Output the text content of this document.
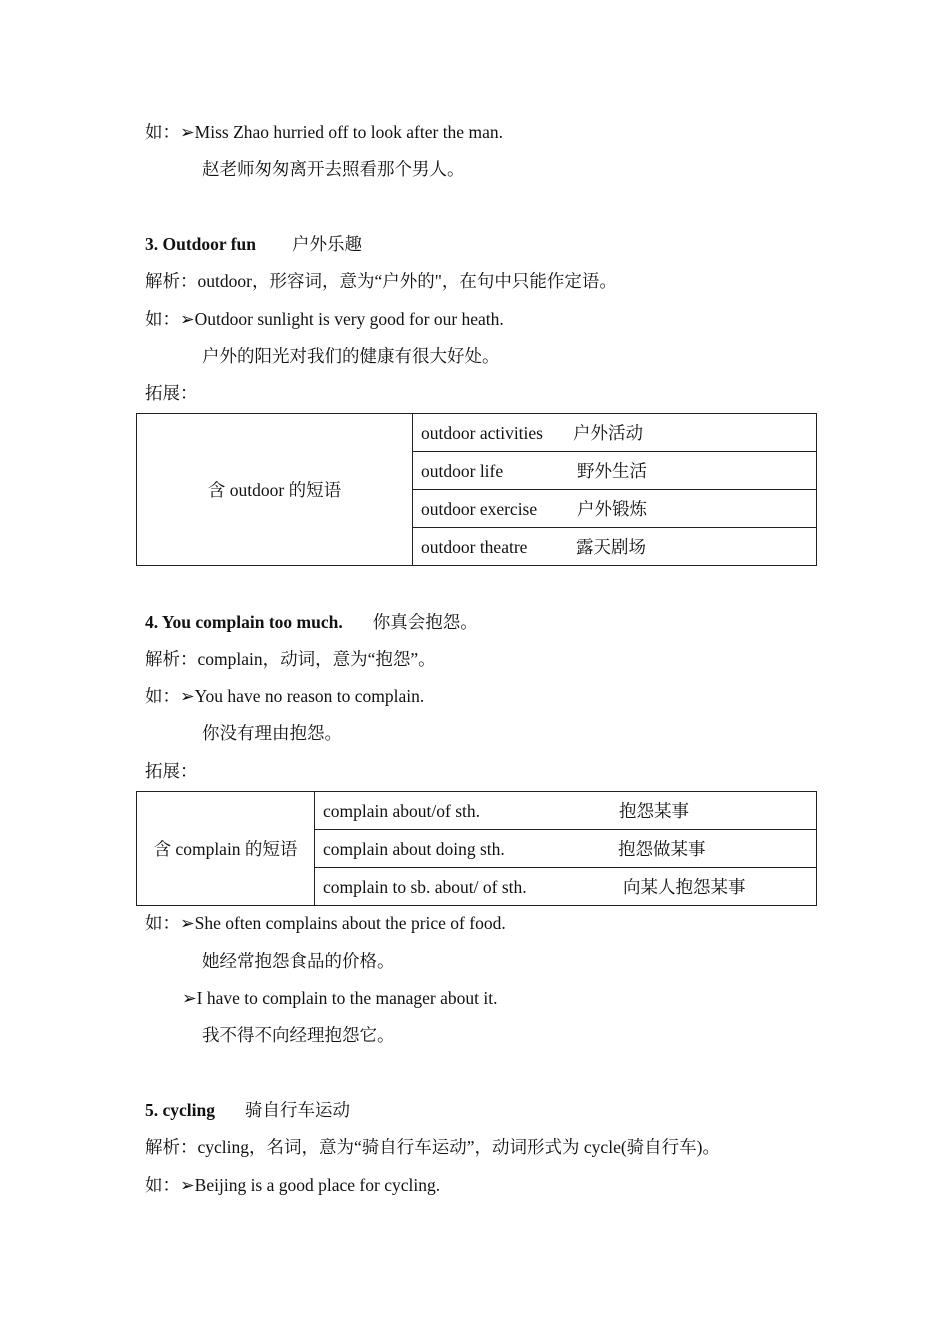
如：➢Miss Zhao hurried off to look after the man.
赵老师匆匆离开去照看那个男人。
3. Outdoor fun 户外乐趣
解析：outdoor，形容词，意为“户外的"，在句中只能作定语。
如：➢Outdoor sunlight is very good for our heath.
户外的阳光对我们的健康有很大好处。
拓展：
含 outdoor 的短语	outdoor activities 户外活动
outdoor life	野外生活
outdoor exercise 户外锻炼
outdoor theatre	露天剧场
4. You complain too much. 你真会抱怨。
解析：complain，动词，意为“抱怨”。
如：➢You have no reason to complain.
你没有理由抱怨。
拓展：
含 complain 的短语	complain about/of sth.	抱怨某事
complain about doing sth.	抱怨做某事
complain to sb. about/ of sth.	向某人抱怨某事
如：➢She often complains about the price of food.
她经常抱怨食品的价格。
➢I have to complain to the manager about it.
我不得不向经理抱怨它。
5. cycling 骑自行车运动
解析：cycling，名词，意为“骑自行车运动”，动词形式为 cycle(骑自行车)。
如：➢Beijing is a good place for cycling.
